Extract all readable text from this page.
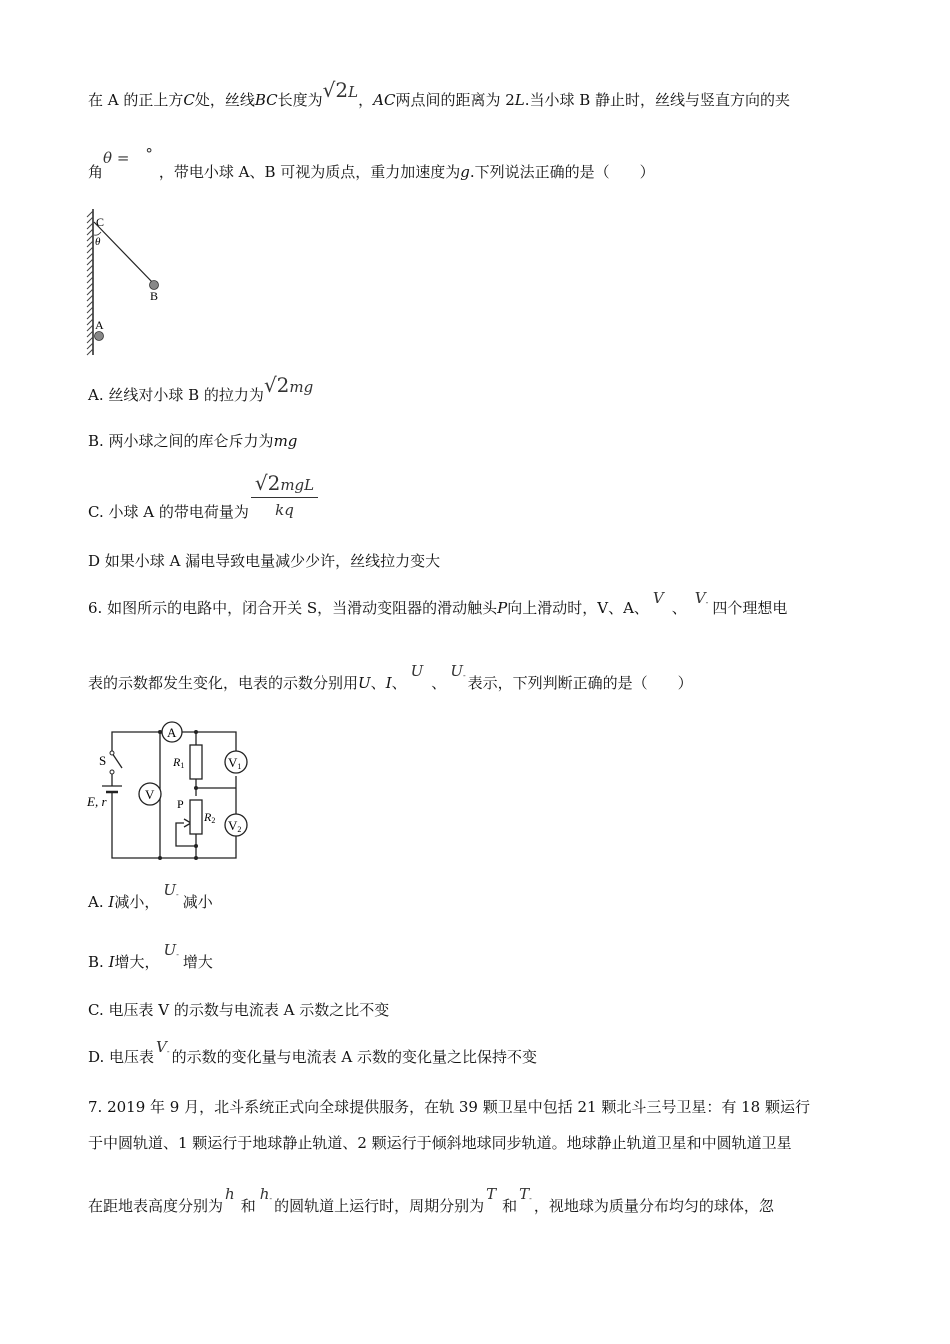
在 A 的正上方C处，丝线BC长度为√2L，AC两点间的距离为 2L.当小球 B 静止时，丝线与竖直方向的夹
角θ = °，带电小球 A、B 可视为质点，重力加速度为g.下列说法正确的是（　　）
C
θ
B
A
A. 丝线对小球 B 的拉力为√2mg
B. 两小球之间的库仑斥力为mg
C. 小球 A 的带电荷量为 $\frac{\text{√2mgL}}{kq}$
D 如果小球 A 漏电导致电量减少少许，丝线拉力变大
6. 如图所示的电路中，闭合开关 S，当滑动变阻器的滑动触头P向上滑动时，V、A、V、$V_-$ 四个理想电
表的示数都发生变化，电表的示数分别用U、I、U、$U_-$ 表示，下列判断正确的是（　　）
A
V
V1
V2
S
E, r
R1
R2
P
A. I减小，$U_-$ 减小
B. I增大，$U_-$ 增大
C. 电压表 V 的示数与电流表 A 示数之比不变
D. 电压表$V_-$ 的示数的变化量与电流表 A 示数的变化量之比保持不变
7. 2019 年 9 月，北斗系统正式向全球提供服务，在轨 39 颗卫星中包括 21 颗北斗三号卫星：有 18 颗运行
于中圆轨道、1 颗运行于地球静止轨道、2 颗运行于倾斜地球同步轨道。地球静止轨道卫星和中圆轨道卫星
在距地表高度分别为h和$h_-$ 的圆轨道上运行时，周期分别为T和$T_-$ ，视地球为质量分布均匀的球体，忽
